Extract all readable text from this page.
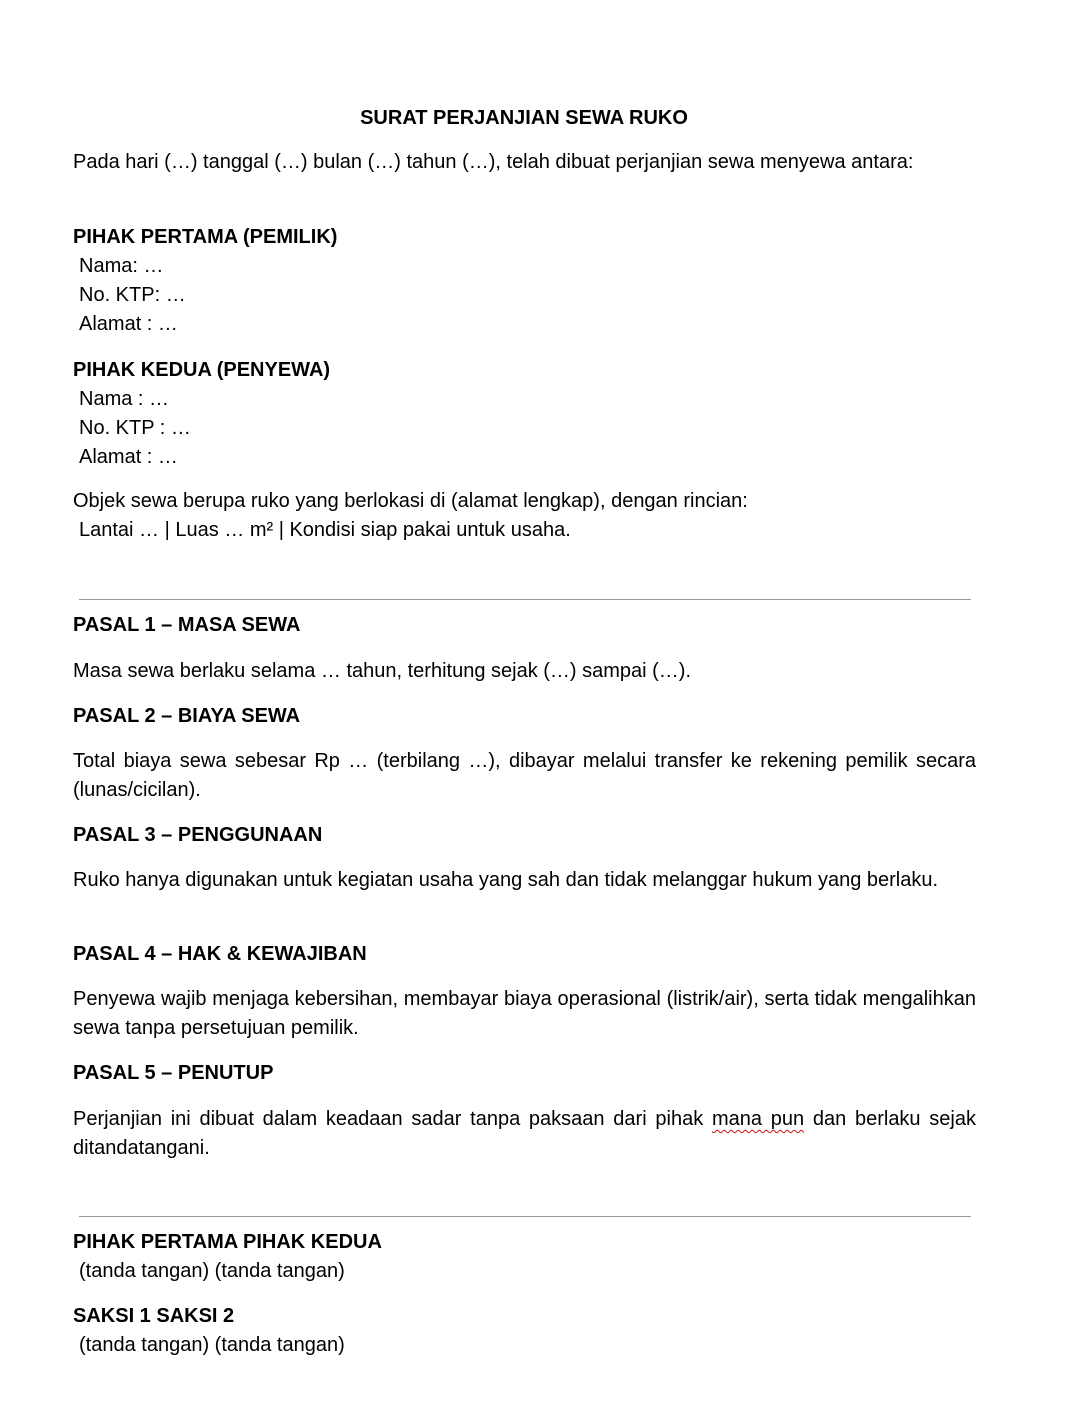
SURAT PERJANJIAN SEWA RUKO

Pada hari (…) tanggal (…) bulan (…) tahun (…), telah dibuat perjanjian sewa menyewa antara:

PIHAK PERTAMA (PEMILIK)
Nama: …
No. KTP: …
Alamat : …
PIHAK KEDUA (PENYEWA)
Nama : …
No. KTP : …
Alamat : …

Objek sewa berupa ruko yang berlokasi di (alamat lengkap), dengan rincian:

Lantai … | Luas … m² | Kondisi siap pakai untuk usaha.
PASAL 1 – MASA SEWA

Masa sewa berlaku selama … tahun, terhitung sejak (…) sampai (…).

PASAL 2 – BIAYA SEWA

Total biaya sewa sebesar Rp … (terbilang …), dibayar melalui transfer ke rekening pemilik secara (lunas/cicilan).

PASAL 3 – PENGGUNAAN

Ruko hanya digunakan untuk kegiatan usaha yang sah dan tidak melanggar hukum yang berlaku.

PASAL 4 – HAK & KEWAJIBAN

Penyewa wajib menjaga kebersihan, membayar biaya operasional (listrik/air), serta tidak mengalihkan sewa tanpa persetujuan pemilik.

PASAL 5 – PENUTUP

Perjanjian ini dibuat dalam keadaan sadar tanpa paksaan dari pihak mana pun dan berlaku sejak ditandatangani.

PIHAK PERTAMA PIHAK KEDUA
(tanda tangan) (tanda tangan)
SAKSI 1 SAKSI 2
(tanda tangan) (tanda tangan)
